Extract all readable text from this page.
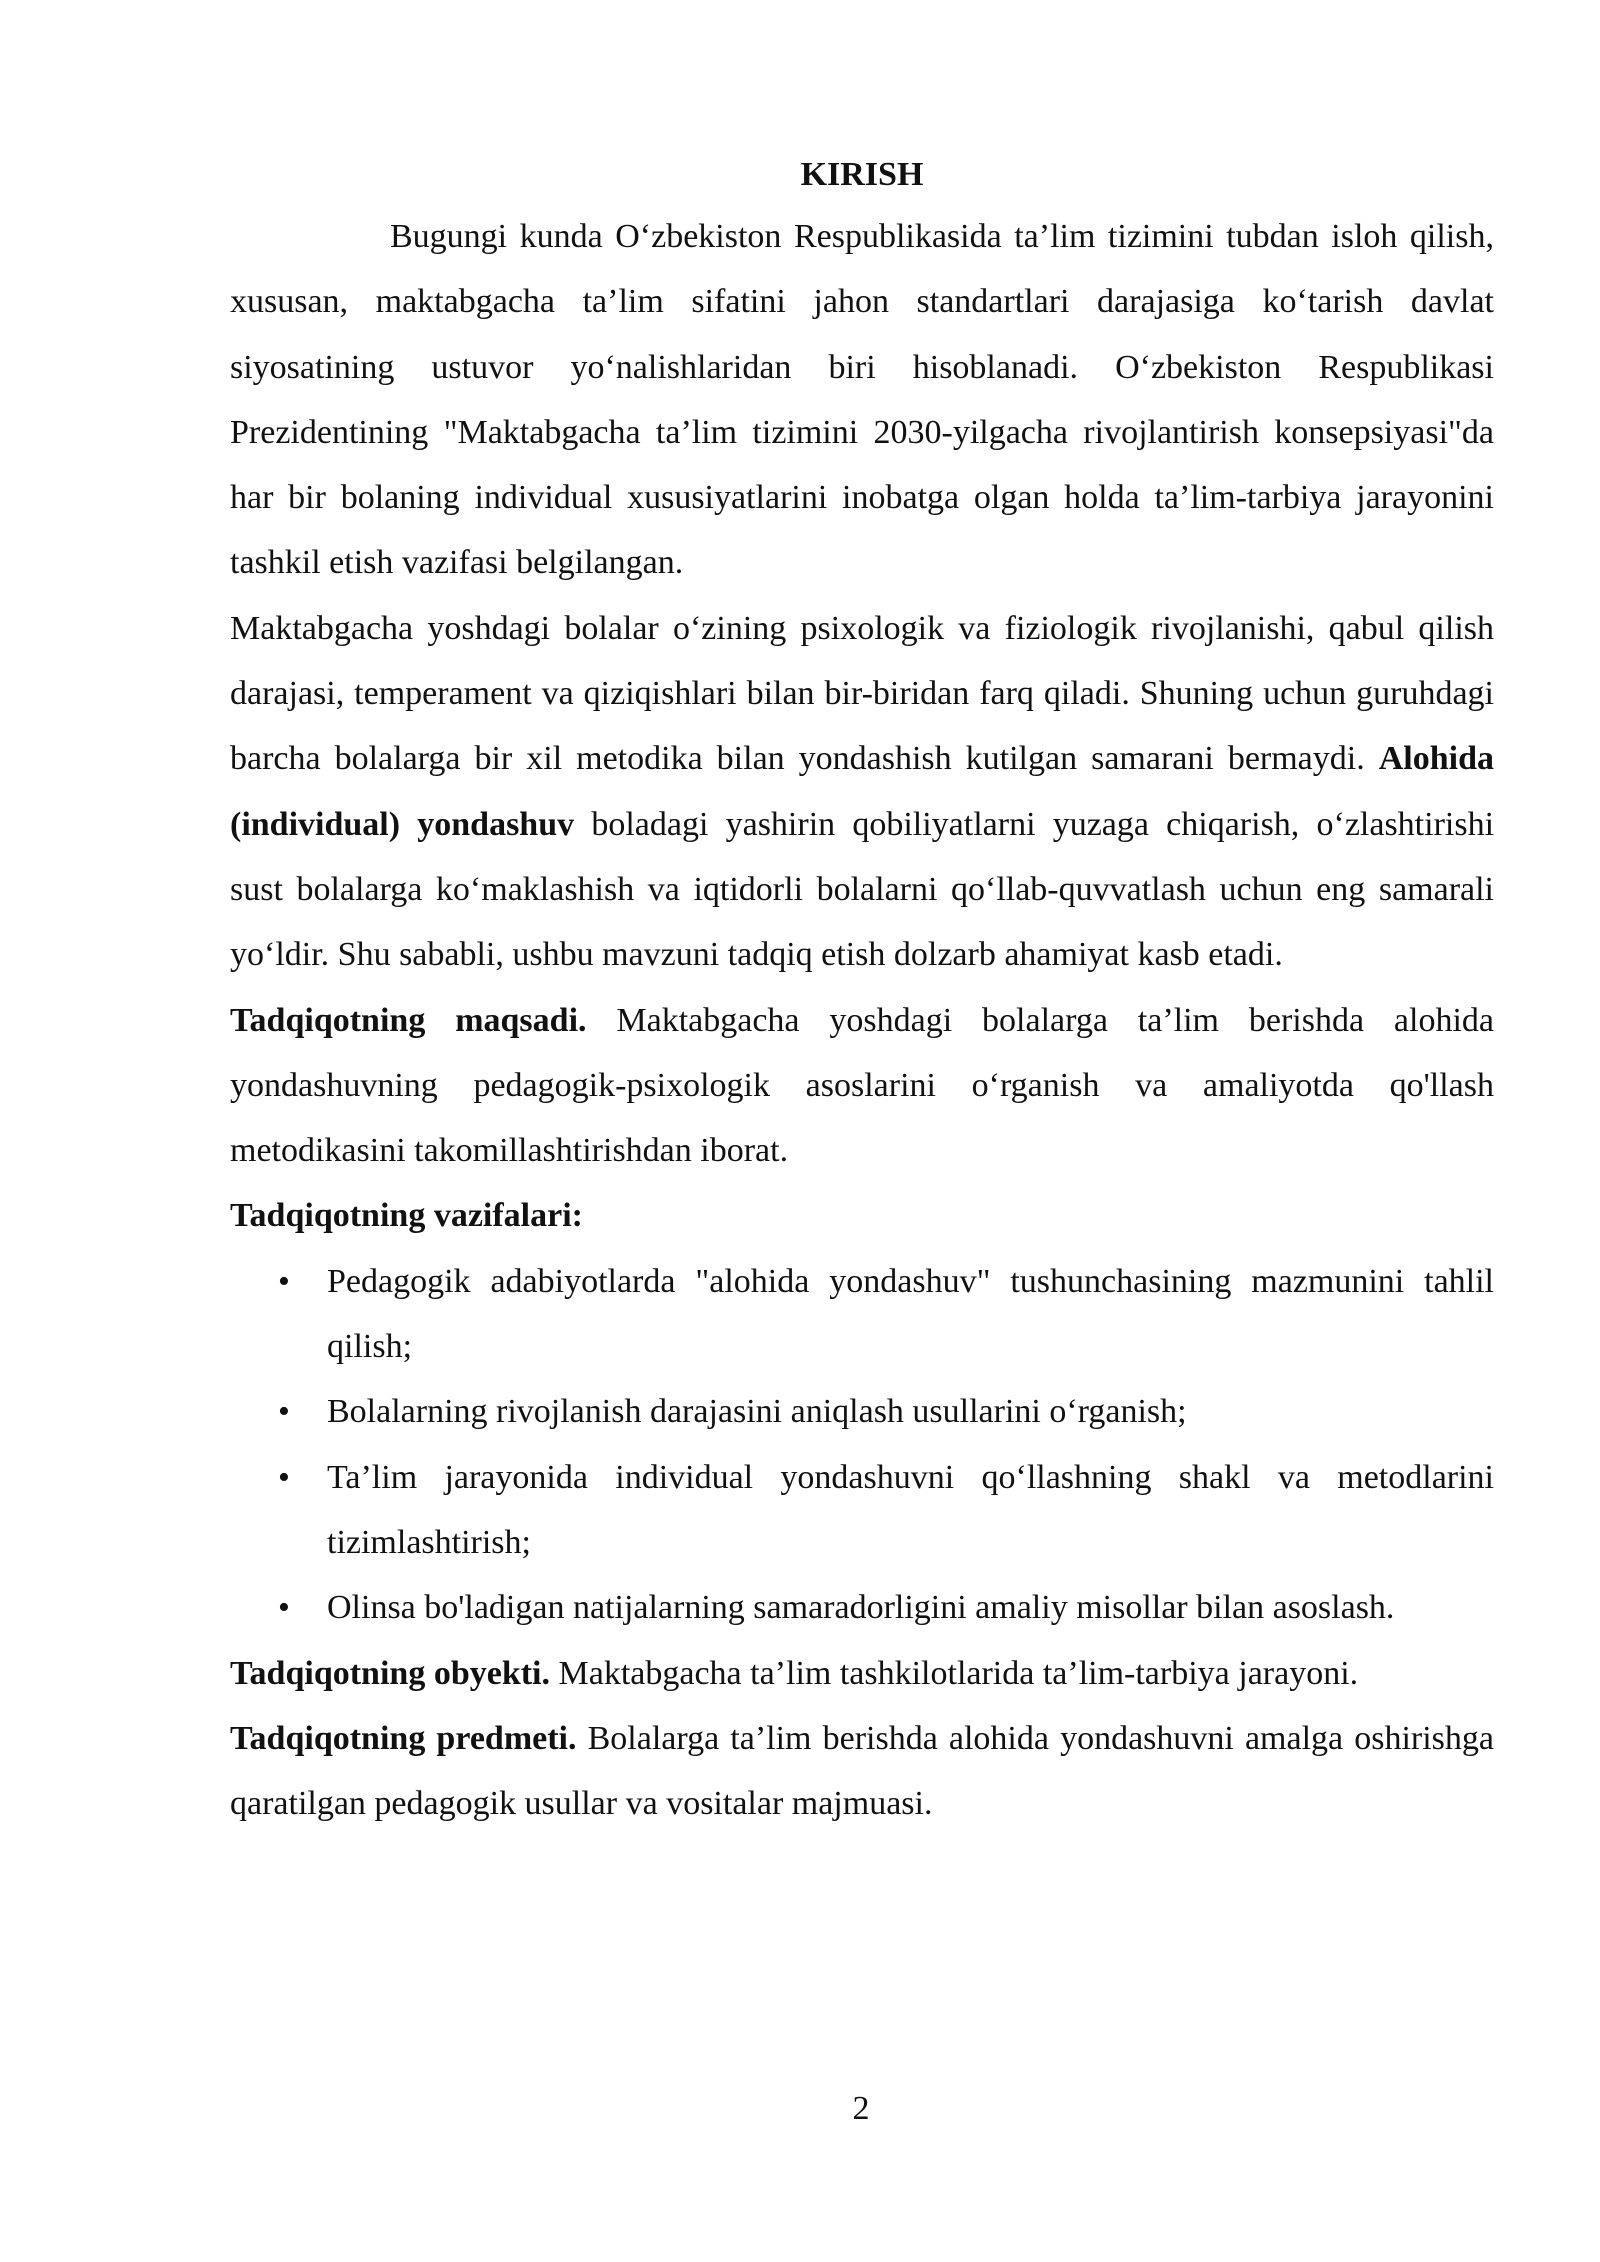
KIRISH

Bugungi kunda Oʻzbekiston Respublikasida ta’lim tizimini tubdan isloh qilish, xususan, maktabgacha ta’lim sifatini jahon standartlari darajasiga koʻtarish davlat siyosatining ustuvor yoʻnalishlaridan biri hisoblanadi. Oʻzbekiston Respublikasi Prezidentining "Maktabgacha ta’lim tizimini 2030-yilgacha rivojlantirish konsepsiyasi"da har bir bolaning individual xususiyatlarini inobatga olgan holda ta’lim-tarbiya jarayonini tashkil etish vazifasi belgilangan.

Maktabgacha yoshdagi bolalar oʻzining psixologik va fiziologik rivojlanishi, qabul qilish darajasi, temperament va qiziqishlari bilan bir-biridan farq qiladi. Shuning uchun guruhdagi barcha bolalarga bir xil metodika bilan yondashish kutilgan samarani bermaydi. Alohida (individual) yondashuv boladagi yashirin qobiliyatlarni yuzaga chiqarish, oʻzlashtirishi sust bolalarga koʻmaklashish va iqtidorli bolalarni qoʻllab-quvvatlash uchun eng samarali yoʻldir. Shu sababli, ushbu mavzuni tadqiq etish dolzarb ahamiyat kasb etadi.

Tadqiqotning maqsadi. Maktabgacha yoshdagi bolalarga ta’lim berishda alohida yondashuvning pedagogik-psixologik asoslarini oʻrganish va amaliyotda qo'llash metodikasini takomillashtirishdan iborat.

Tadqiqotning vazifalari:

• Pedagogik adabiyotlarda "alohida yondashuv" tushunchasining mazmunini tahlil qilish;
• Bolalarning rivojlanish darajasini aniqlash usullarini oʻrganish;
• Ta’lim jarayonida individual yondashuvni qoʻllashning shakl va metodlarini tizimlashtirish;
• Olinsa bo'ladigan natijalarning samaradorligini amaliy misollar bilan asoslash.

Tadqiqotning obyekti. Maktabgacha ta’lim tashkilotlarida ta’lim-tarbiya jarayoni.

Tadqiqotning predmeti. Bolalarga ta’lim berishda alohida yondashuvni amalga oshirishga qaratilgan pedagogik usullar va vositalar majmuasi.

2
